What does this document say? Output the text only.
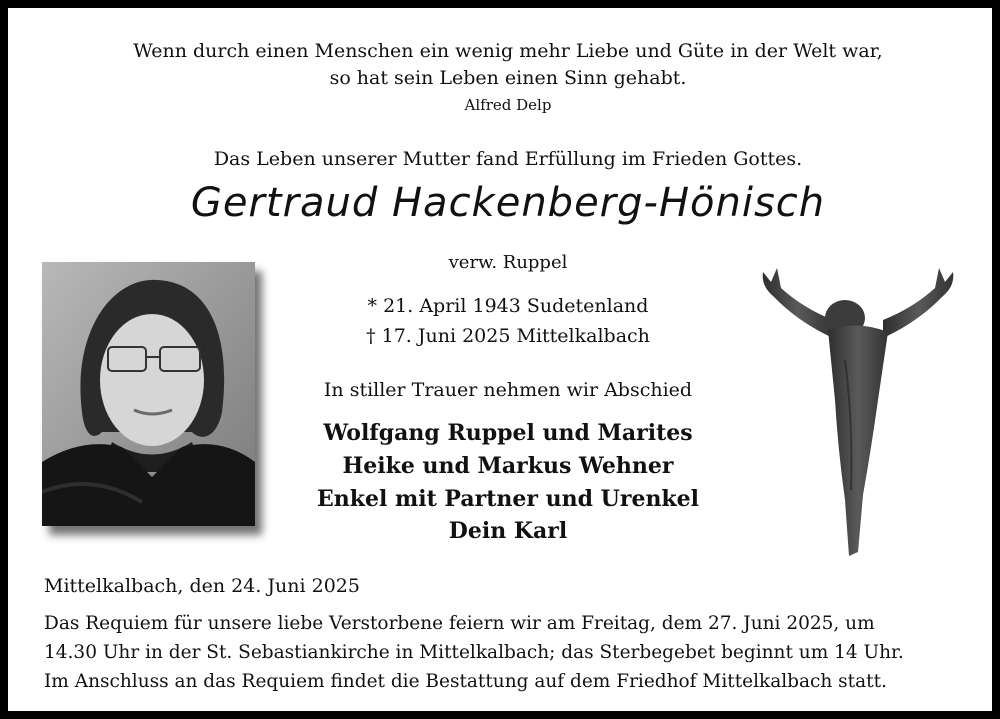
Wenn durch einen Menschen ein wenig mehr Liebe und Güte in der Welt war,
so hat sein Leben einen Sinn gehabt.
Alfred Delp
Das Leben unserer Mutter fand Erfüllung im Frieden Gottes.
Gertraud Hackenberg-Hönisch
verw. Ruppel
* 21. April 1943 Sudetenland
† 17. Juni 2025 Mittelkalbach
In stiller Trauer nehmen wir Abschied
Wolfgang Ruppel und Marites
Heike und Markus Wehner
Enkel mit Partner und Urenkel
Dein Karl
Mittelkalbach, den 24. Juni 2025
Das Requiem für unsere liebe Verstorbene feiern wir am Freitag, dem 27. Juni 2025, um
14.30 Uhr in der St. Sebastiankirche in Mittelkalbach; das Sterbegebet beginnt um 14 Uhr.
Im Anschluss an das Requiem findet die Bestattung auf dem Friedhof Mittelkalbach statt.
